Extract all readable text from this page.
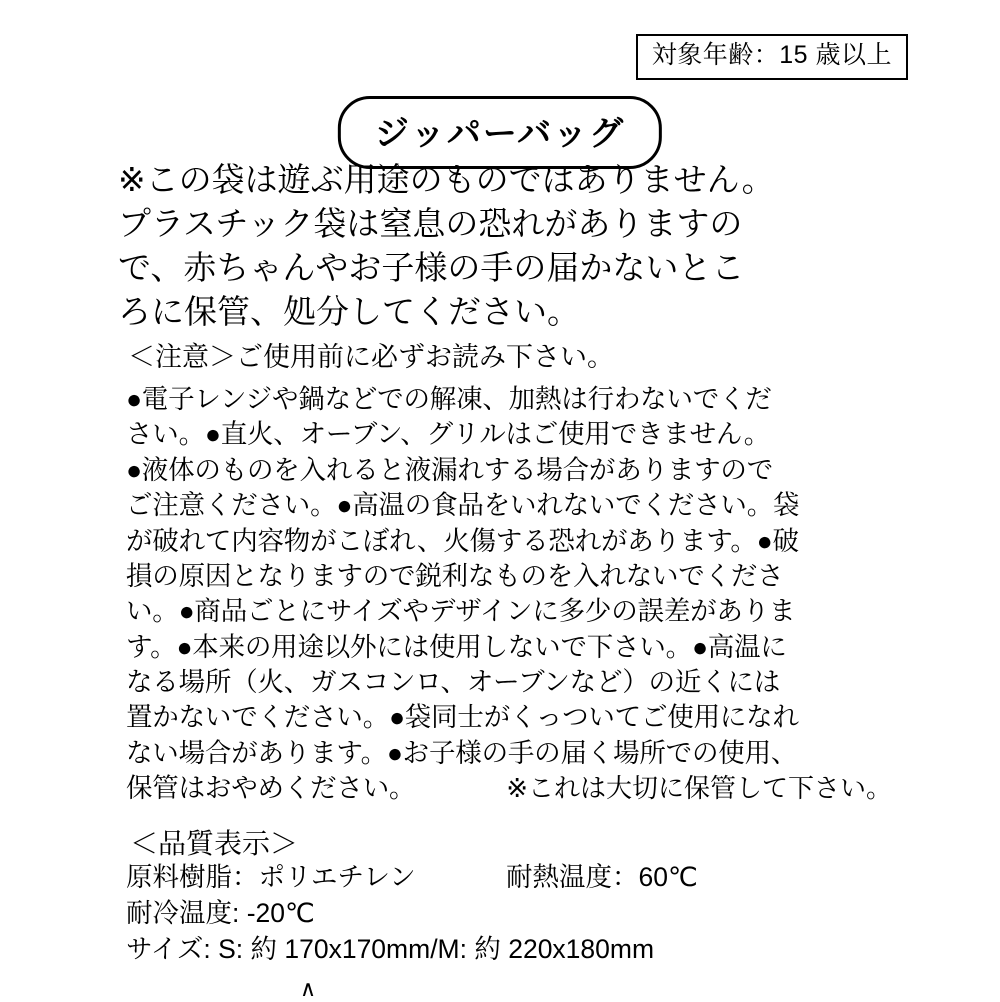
対象年齢：15 歳以上
ジッパーバッグ
※この袋は遊ぶ用途のものではありません。
プラスチック袋は窒息の恐れがありますの
で、赤ちゃんやお子様の手の届かないとこ
ろに保管、処分してください。
＜注意＞ご使用前に必ずお読み下さい。
●電子レンジや鍋などでの解凍、加熱は行わないでくだ
さい。●直火、オーブン、グリルはご使用できません。
●液体のものを入れると液漏れする場合がありますので
ご注意ください。●高温の食品をいれないでください。袋
が破れて内容物がこぼれ、火傷する恐れがあります。●破
損の原因となりますので鋭利なものを入れないでくださ
い。●商品ごとにサイズやデザインに多少の誤差がありま
す。●本来の用途以外には使用しないで下さい。●高温に
なる場所（火、ガスコンロ、オーブンなど）の近くには
置かないでください。●袋同士がくっついてご使用になれ
ない場合があります。●お子様の手の届く場所での使用、
保管はおやめください。	※これは大切に保管して下さい。
＜品質表示＞
原料樹脂：ポリエチレン	耐熱温度：60℃
耐冷温度: -20℃
サイズ: S: 約 170x170mm/M: 約 220x180mm
∧
